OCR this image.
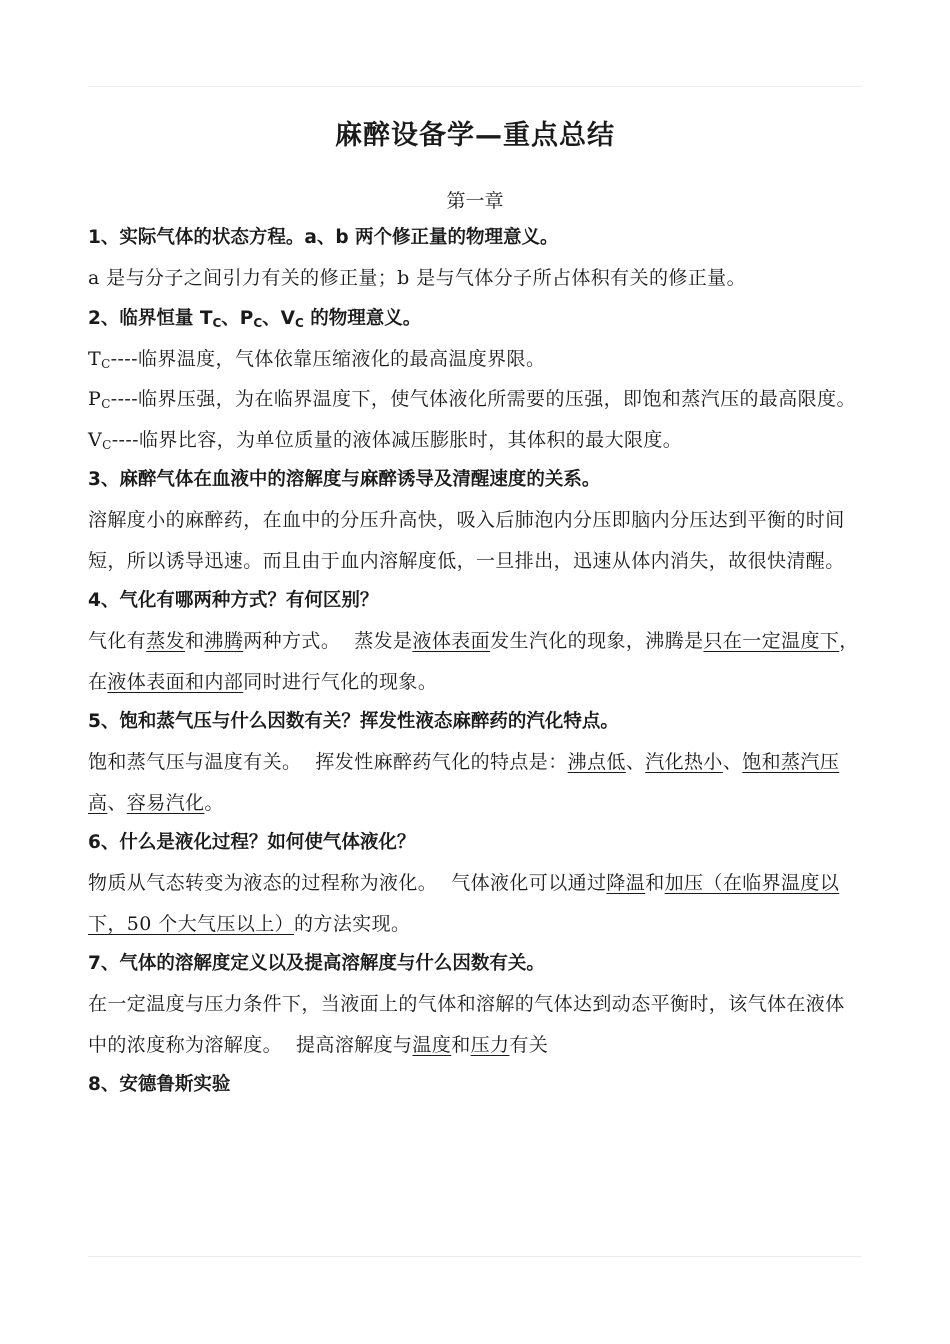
麻醉设备学—重点总结
第一章
1、实际气体的状态方程。a、b 两个修正量的物理意义。
a 是与分子之间引力有关的修正量；b 是与气体分子所占体积有关的修正量。
2、临界恒量 $T_C$、$P_C$、$V_C$ 的物理意义。
$T_C----$临界温度，气体依靠压缩液化的最高温度界限。
$P_C----$临界压强，为在临界温度下，使气体液化所需要的压强，即饱和蒸汽压的最高限度。
$V_C----$临界比容，为单位质量的液体减压膨胀时，其体积的最大限度。
3、麻醉气体在血液中的溶解度与麻醉诱导及清醒速度的关系。
溶解度小的麻醉药，在血中的分压升高快，吸入后肺泡内分压即脑内分压达到平衡的时间短，所以诱导迅速。而且由于血内溶解度低，一旦排出，迅速从体内消失，故很快清醒。
4、气化有哪两种方式？有何区别？
气化有蒸发和沸腾两种方式。 蒸发是液体表面发生汽化的现象，沸腾是只在一定温度下，在液体表面和内部同时进行气化的现象。
5、饱和蒸气压与什么因数有关？挥发性液态麻醉药的汽化特点。
饱和蒸气压与温度有关。 挥发性麻醉药气化的特点是：沸点低、汽化热小、饱和蒸汽压高、容易汽化。
6、什么是液化过程？如何使气体液化？
物质从气态转变为液态的过程称为液化。 气体液化可以通过降温和加压（在临界温度以下，50 个大气压以上）的方法实现。
7、气体的溶解度定义以及提高溶解度与什么因数有关。
在一定温度与压力条件下，当液面上的气体和溶解的气体达到动态平衡时，该气体在液体中的浓度称为溶解度。 提高溶解度与温度和压力有关
8、安德鲁斯实验
